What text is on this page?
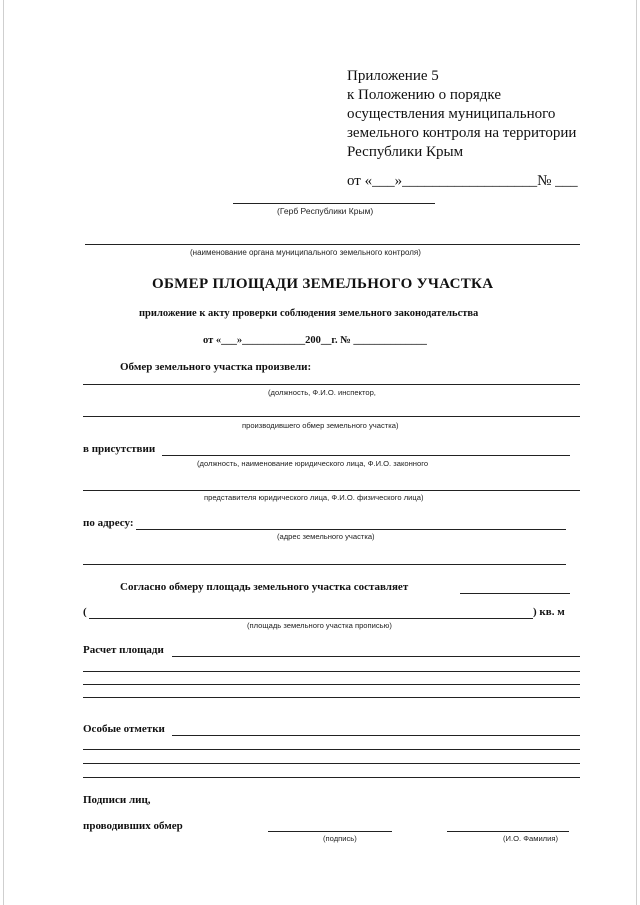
Приложение 5
к Положению о порядке
осуществления муниципального
земельного контроля на территории
Республики Крым
от «___»__________________№ ___
(Герб Республики Крым)
(наименование органа муниципального земельного контроля)
ОБМЕР ПЛОЩАДИ ЗЕМЕЛЬНОГО УЧАСТКА
приложение к акту проверки соблюдения земельного законодательства
от «___»____________200__г. № ______________
Обмер земельного участка произвели:
(должность, Ф.И.О. инспектор,
производившего обмер земельного участка)
в присутствии
(должность, наименование юридического лица, Ф.И.О. законного
представителя юридического лица, Ф.И.О. физического лица)
по адресу:
(адрес земельного участка)
Согласно обмеру площадь земельного участка составляет
(	) кв. м
(площадь земельного участка прописью)
Расчет площади
Особые отметки
Подписи лиц,
проводивших обмер
(подпись)	(И.О. Фамилия)
